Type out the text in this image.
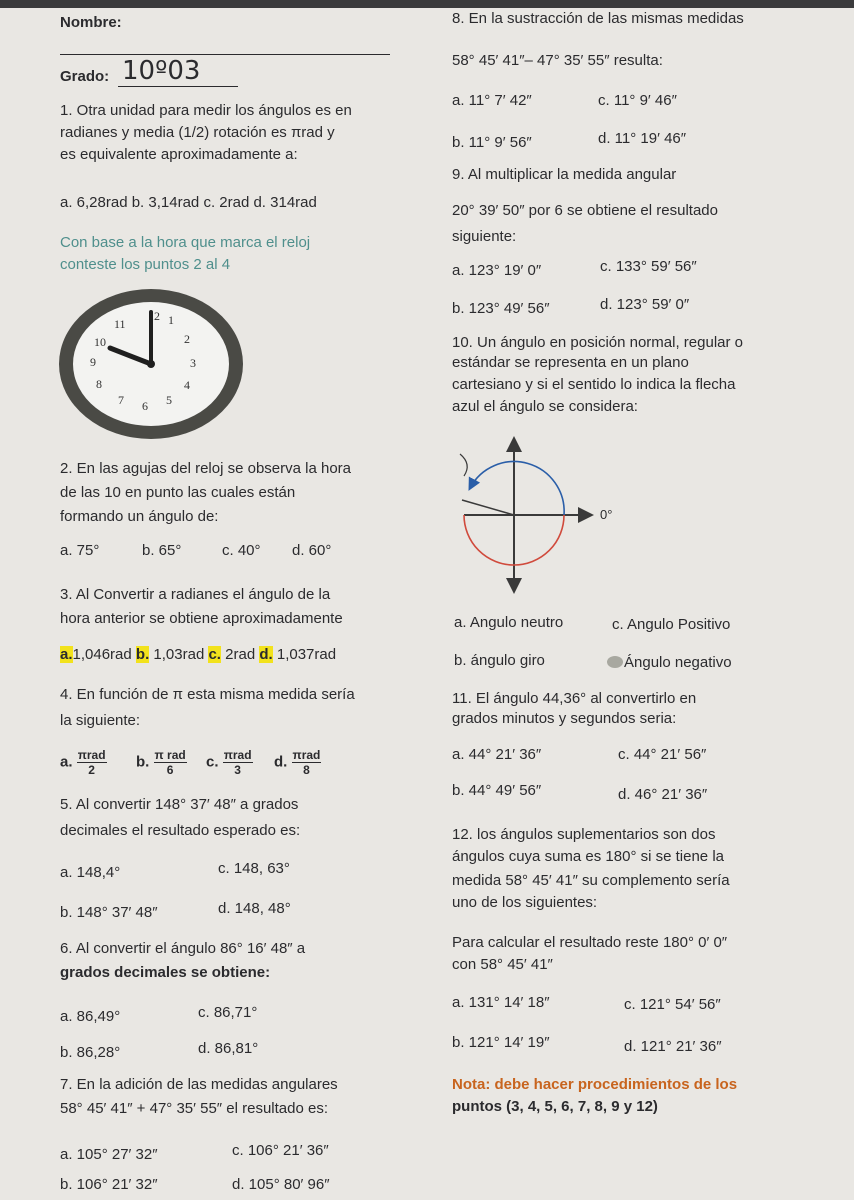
Nombre:
Grado: 10º03
1. Otra unidad para medir los ángulos es en
radianes y media (1/2) rotación es πrad y
es equivalente aproximadamente a:
a. 6,28rad b. 3,14rad c. 2rad d. 314rad
Con base a la hora que marca el reloj
conteste los puntos 2 al 4
12 1
2
3
4
5
6
7
8
9
10
11
2. En las agujas del reloj se observa la hora
de las 10 en punto las cuales están
formando un ángulo de:
a. 75°	b. 65°	c. 40° d. 60°
3. Al Convertir a radianes el ángulo de la
hora anterior se obtiene aproximadamente
a.1,046rad b. 1,03rad c. 2rad d. 1,037rad
4. En función de π esta misma medida sería
la siguiente:
a. $\frac{\text{πrad}}{2} b$. $\frac{\text{π rad}}{6} c$. $\frac{\text{πrad}}{3} d$. $\frac{\text{πrad}}{8}$
5. Al convertir 148° 37′ 48″ a grados
decimales el resultado esperado es:
a. 148,4°	c. 148, 63°
b. 148° 37′ 48″	d. 148, 48°
6. Al convertir el ángulo 86° 16′ 48″ a
grados decimales se obtiene:
a. 86,49°	c. 86,71°
b. 86,28°	d. 86,81°
7. En la adición de las medidas angulares
58° 45′ 41″ + 47° 35′ 55″ el resultado es:
a. 105° 27′ 32″	c. 106° 21′ 36″
b. 106° 21′ 32″	d. 105° 80′ 96″
8. En la sustracción de las mismas medidas
58° 45′ 41″– 47° 35′ 55″ resulta:
a. 11° 7′ 42″	c. 11° 9′ 46″
b. 11° 9′ 56″	d. 11° 19′ 46″
9. Al multiplicar la medida angular
20° 39′ 50″ por 6 se obtiene el resultado
siguiente:
a. 123° 19′ 0″	c. 133° 59′ 56″
b. 123° 49′ 56″	d. 123° 59′ 0″
10. Un ángulo en posición normal, regular o
estándar se representa en un plano
cartesiano y si el sentido lo indica la flecha
azul el ángulo se considera:
0°
a. Angulo neutro	c. Angulo Positivo
b. ángulo giro	Ángulo negativo
11. El ángulo 44,36° al convertirlo en
grados minutos y segundos seria:
a. 44° 21′ 36″	c. 44° 21′ 56″
b. 44° 49′ 56″	d. 46° 21′ 36″
12. los ángulos suplementarios son dos
ángulos cuya suma es 180° si se tiene la
medida 58° 45′ 41″ su complemento sería
uno de los siguientes:
Para calcular el resultado reste 180° 0′ 0″
con 58° 45′ 41″
a. 131° 14′ 18″	c. 121° 54′ 56″
b. 121° 14′ 19″	d. 121° 21′ 36″
Nota: debe hacer procedimientos de los
puntos (3, 4, 5, 6, 7, 8, 9 y 12)
